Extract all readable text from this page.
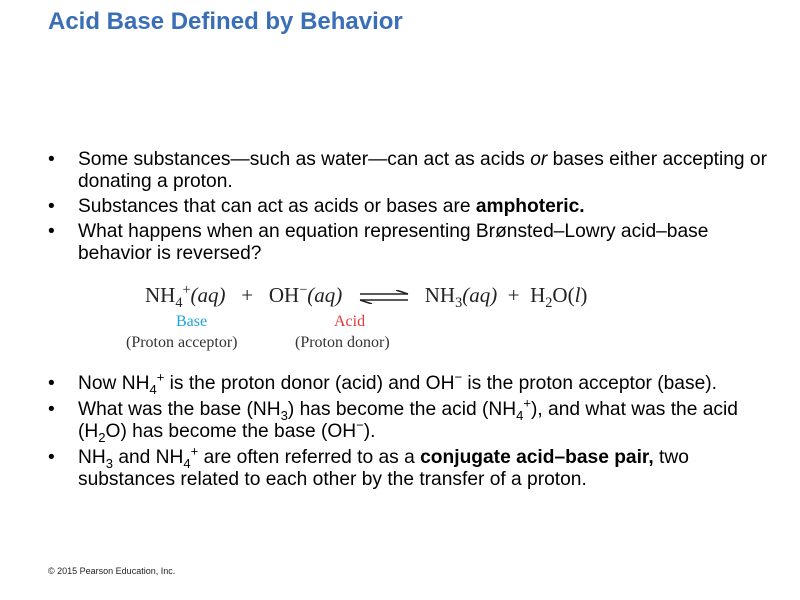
Acid Base Defined by Behavior
• Some substances—such as water—can act as acids or bases either accepting or donating a proton.
• Substances that can act as acids or bases are amphoteric.
• What happens when an equation representing Brønsted–Lowry acid–base behavior is reversed?
$NH_4^+(aq) + OH^-(aq)$ ⇌ $NH_3(aq) + H_2O(l)$
Base	Acid
(Proton acceptor)	(Proton donor)
• Now $NH_4^+$ is the proton donor (acid) and OH− is the proton acceptor (base).
• What was the base $(NH_3)$ has become the acid $(NH_4^+)$, and what was the acid $(H_2O)$ has become the base (OH−).
• $NH_3$ and $NH_4^+$ are often referred to as a conjugate acid–base pair, two substances related to each other by the transfer of a proton.
© 2015 Pearson Education, Inc.
